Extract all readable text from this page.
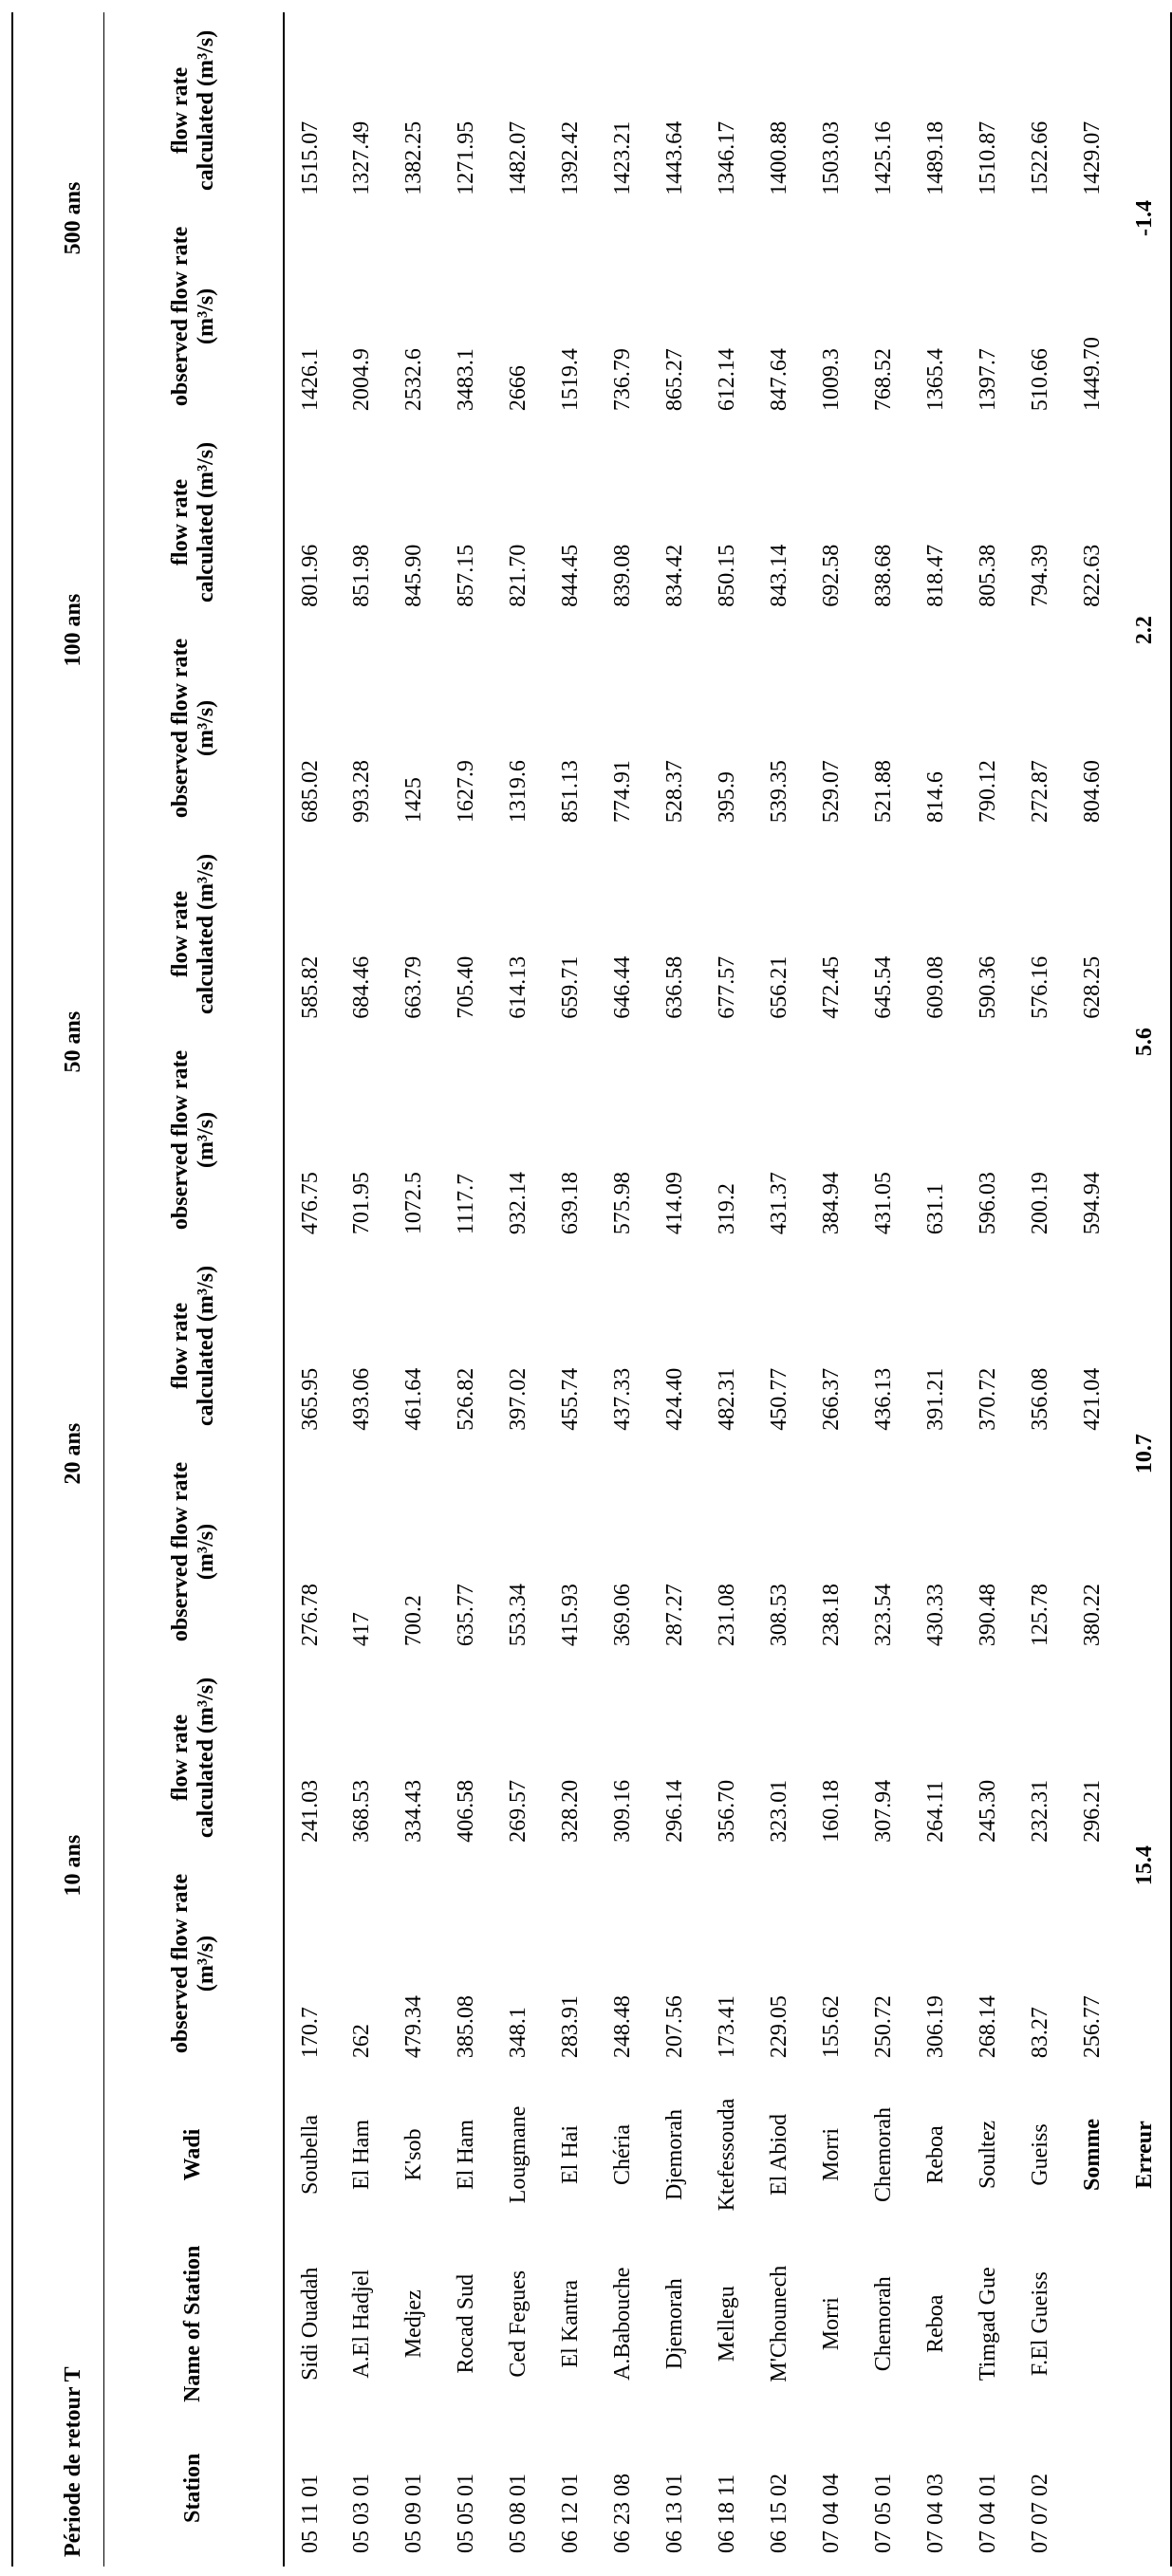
Période de retour T			10 ans		20 ans		50 ans		100 ans		500 ans	
Station	Name of Station	Wadi	observed flow rate (m³/s)	flow rate calculated (m³/s)	observed flow rate (m³/s)	flow rate calculated (m³/s)	observed flow rate (m³/s)	flow rate calculated (m³/s)	observed flow rate (m³/s)	flow rate calculated (m³/s)	observed flow rate (m³/s)	flow rate calculated (m³/s)
05 11 01	Sidi Ouadah	Soubella	170.7	241.03	276.78	365.95	476.75	585.82	685.02	801.96	1426.1	1515.07
05 03 01	A.El Hadjel	El Ham	262	368.53	417	493.06	701.95	684.46	993.28	851.98	2004.9	1327.49
05 09 01	Medjez	K'sob	479.34	334.43	700.2	461.64	1072.5	663.79	1425	845.90	2532.6	1382.25
05 05 01	Rocad Sud	El Ham	385.08	406.58	635.77	526.82	1117.7	705.40	1627.9	857.15	3483.1	1271.95
05 08 01	Ced Fegues	Lougmane	348.1	269.57	553.34	397.02	932.14	614.13	1319.6	821.70	2666	1482.07
06 12 01	El Kantra	El Hai	283.91	328.20	415.93	455.74	639.18	659.71	851.13	844.45	1519.4	1392.42
06 23 08	A.Babouche	Chéria	248.48	309.16	369.06	437.33	575.98	646.44	774.91	839.08	736.79	1423.21
06 13 01	Djemorah	Djemorah	207.56	296.14	287.27	424.40	414.09	636.58	528.37	834.42	865.27	1443.64
06 18 11	Mellegu	Ktefessouda	173.41	356.70	231.08	482.31	319.2	677.57	395.9	850.15	612.14	1346.17
06 15 02	M'Chounech	El Abiod	229.05	323.01	308.53	450.77	431.37	656.21	539.35	843.14	847.64	1400.88
07 04 04	Morri	Morri	155.62	160.18	238.18	266.37	384.94	472.45	529.07	692.58	1009.3	1503.03
07 05 01	Chemorah	Chemorah	250.72	307.94	323.54	436.13	431.05	645.54	521.88	838.68	768.52	1425.16
07 04 03	Reboa	Reboa	306.19	264.11	430.33	391.21	631.1	609.08	814.6	818.47	1365.4	1489.18
07 04 01	Timgad Gue	Soultez	268.14	245.30	390.48	370.72	596.03	590.36	790.12	805.38	1397.7	1510.87
07 07 02	F.El Gueiss	Gueiss	83.27	232.31	125.78	356.08	200.19	576.16	272.87	794.39	510.66	1522.66
		Somme	256.77	296.21	380.22	421.04	594.94	628.25	804.60	822.63	1449.70	1429.07
		Erreur	15.4		10.7		5.6		2.2		-1.4	
